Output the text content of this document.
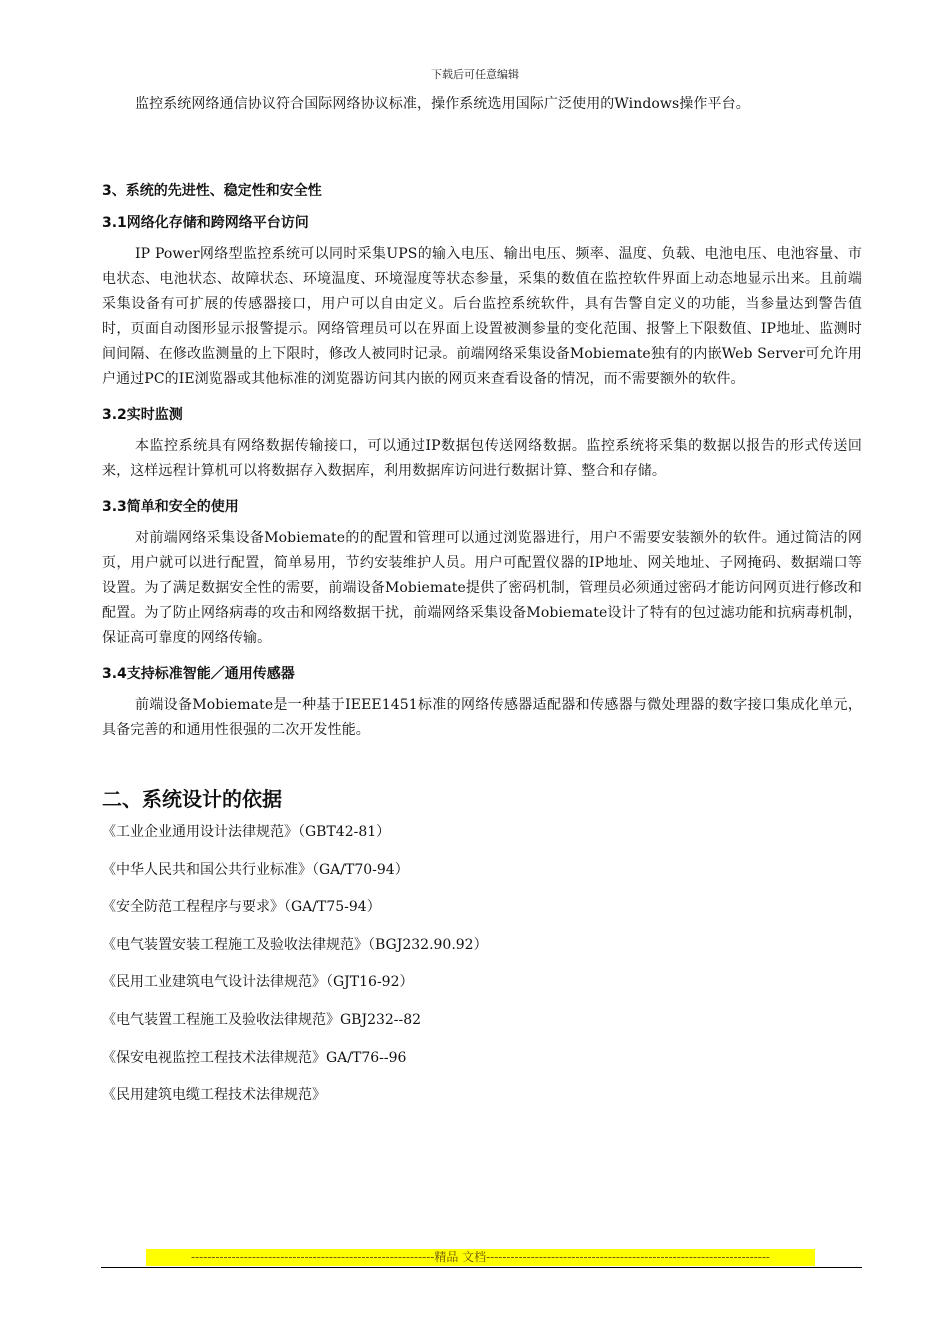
下载后可任意编辑

监控系统网络通信协议符合国际网络协议标准，操作系统选用国际广泛使用的Windows操作平台。

3、系统的先进性、稳定性和安全性
3.1网络化存储和跨网络平台访问

IP Power网络型监控系统可以同时采集UPS的输入电压、输出电压、频率、温度、负载、电池电压、电池容量、市电状态、电池状态、故障状态、环境温度、环境湿度等状态参量，采集的数值在监控软件界面上动态地显示出来。且前端采集设备有可扩展的传感器接口，用户可以自由定义。后台监控系统软件，具有告警自定义的功能，当参量达到警告值时，页面自动图形显示报警提示。网络管理员可以在界面上设置被测参量的变化范围、报警上下限数值、IP地址、监测时间间隔、在修改监测量的上下限时，修改人被同时记录。前端网络采集设备Mobiemate独有的内嵌Web Server可允许用户通过PC的IE浏览器或其他标准的浏览器访问其内嵌的网页来查看设备的情况，而不需要额外的软件。

3.2实时监测

本监控系统具有网络数据传输接口，可以通过IP数据包传送网络数据。监控系统将采集的数据以报告的形式传送回来，这样远程计算机可以将数据存入数据库，利用数据库访问进行数据计算、整合和存储。

3.3简单和安全的使用

对前端网络采集设备Mobiemate的的配置和管理可以通过浏览器进行，用户不需要安装额外的软件。通过简洁的网页，用户就可以进行配置，简单易用，节约安装维护人员。用户可配置仪器的IP地址、网关地址、子网掩码、数据端口等设置。为了满足数据安全性的需要，前端设备Mobiemate提供了密码机制，管理员必须通过密码才能访问网页进行修改和配置。为了防止网络病毒的攻击和网络数据干扰，前端网络采集设备Mobiemate设计了特有的包过滤功能和抗病毒机制，保证高可靠度的网络传输。

3.4支持标准智能／通用传感器

前端设备Mobiemate是一种基于IEEE1451标准的网络传感器适配器和传感器与微处理器的数字接口集成化单元，具备完善的和通用性很强的二次开发性能。

二、系统设计的依据
《工业企业通用设计法律规范》（GBT42-81）
《中华人民共和国公共行业标准》（GA/T70-94）
《安全防范工程程序与要求》（GA/T75-94）
《电气装置安装工程施工及验收法律规范》（BGJ232.90.92）
《民用工业建筑电气设计法律规范》（GJT16-92）
《电气装置工程施工及验收法律规范》GBJ232--82
《保安电视监控工程技术法律规范》GA/T76--96
《民用建筑电缆工程技术法律规范》
------------------------------------------------------------精品 文档----------------------------------------------------------------------
